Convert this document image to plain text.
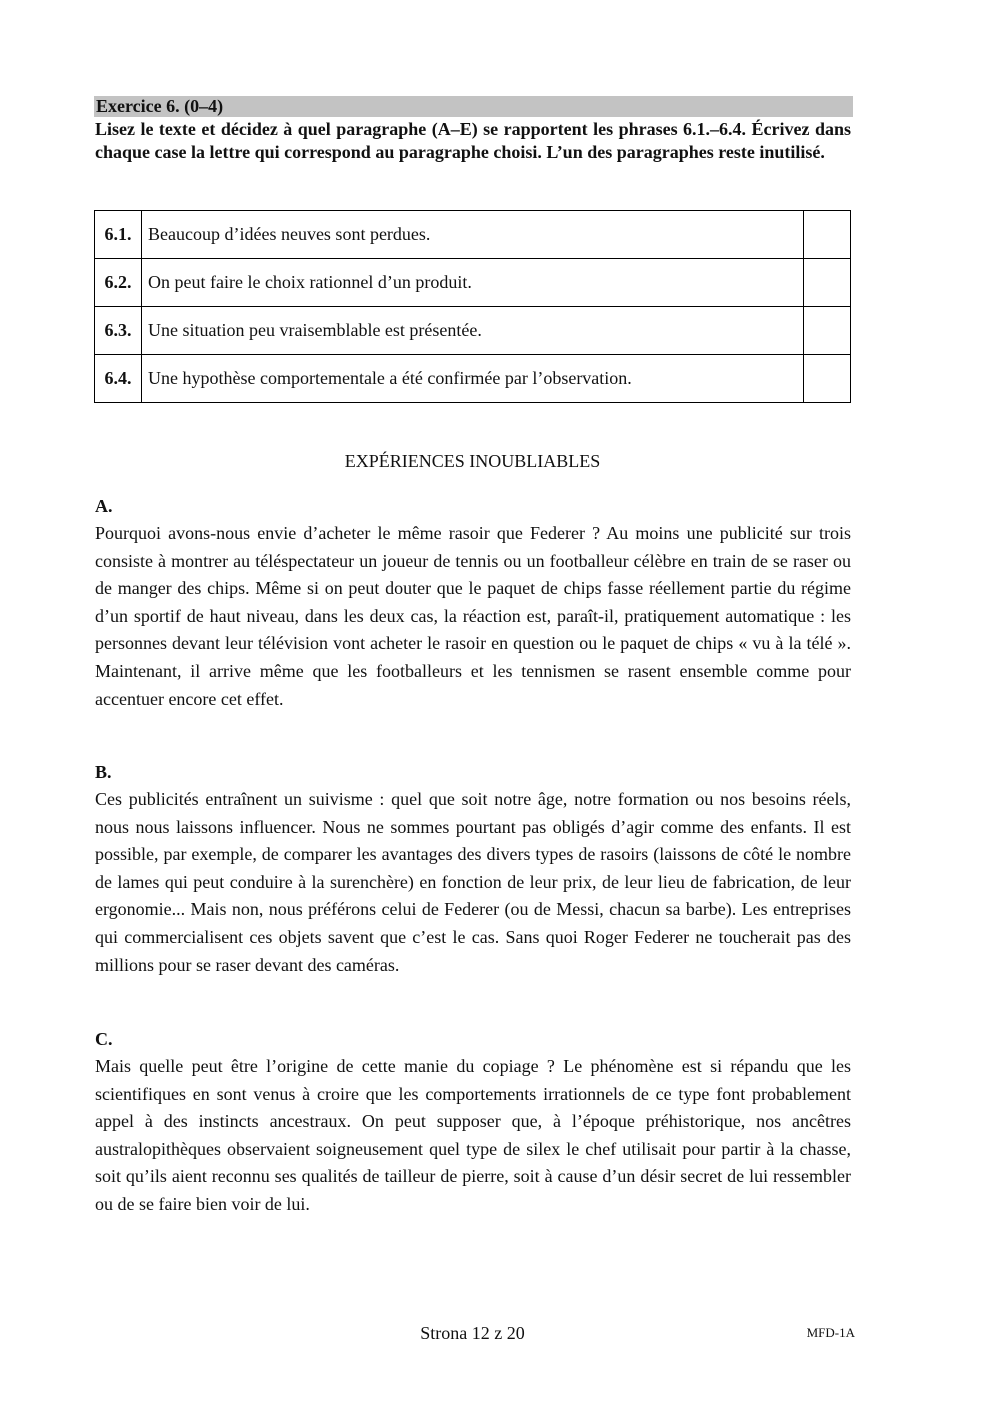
Exercice 6. (0–4)
Lisez le texte et décidez à quel paragraphe (A–E) se rapportent les phrases 6.1.–6.4. Écrivez dans chaque case la lettre qui correspond au paragraphe choisi. L’un des paragraphes reste inutilisé.
6.1.	Beaucoup d’idées neuves sont perdues.	
6.2.	On peut faire le choix rationnel d’un produit.	
6.3.	Une situation peu vraisemblable est présentée.	
6.4.	Une hypothèse comportementale a été confirmée par l’observation.	
EXPÉRIENCES INOUBLIABLES
A.

Pourquoi avons-nous envie d’acheter le même rasoir que Federer ? Au moins une publicité sur trois consiste à montrer au téléspectateur un joueur de tennis ou un footballeur célèbre en train de se raser ou de manger des chips. Même si on peut douter que le paquet de chips fasse réellement partie du régime d’un sportif de haut niveau, dans les deux cas, la réaction est, paraît-il, pratiquement automatique : les personnes devant leur télévision vont acheter le rasoir en question ou le paquet de chips « vu à la télé ». Maintenant, il arrive même que les footballeurs et les tennismen se rasent ensemble comme pour accentuer encore cet effet.

B.

Ces publicités entraînent un suivisme : quel que soit notre âge, notre formation ou nos besoins réels, nous nous laissons influencer. Nous ne sommes pourtant pas obligés d’agir comme des enfants. Il est possible, par exemple, de comparer les avantages des divers types de rasoirs (laissons de côté le nombre de lames qui peut conduire à la surenchère) en fonction de leur prix, de leur lieu de fabrication, de leur ergonomie... Mais non, nous préférons celui de Federer (ou de Messi, chacun sa barbe). Les entreprises qui commercialisent ces objets savent que c’est le cas. Sans quoi Roger Federer ne toucherait pas des millions pour se raser devant des caméras.

C.

Mais quelle peut être l’origine de cette manie du copiage ? Le phénomène est si répandu que les scientifiques en sont venus à croire que les comportements irrationnels de ce type font probablement appel à des instincts ancestraux. On peut supposer que, à l’époque préhistorique, nos ancêtres australopithèques observaient soigneusement quel type de silex le chef utilisait pour partir à la chasse, soit qu’ils aient reconnu ses qualités de tailleur de pierre, soit à cause d’un désir secret de lui ressembler ou de se faire bien voir de lui.

Strona 12 z 20	MFD-1A
